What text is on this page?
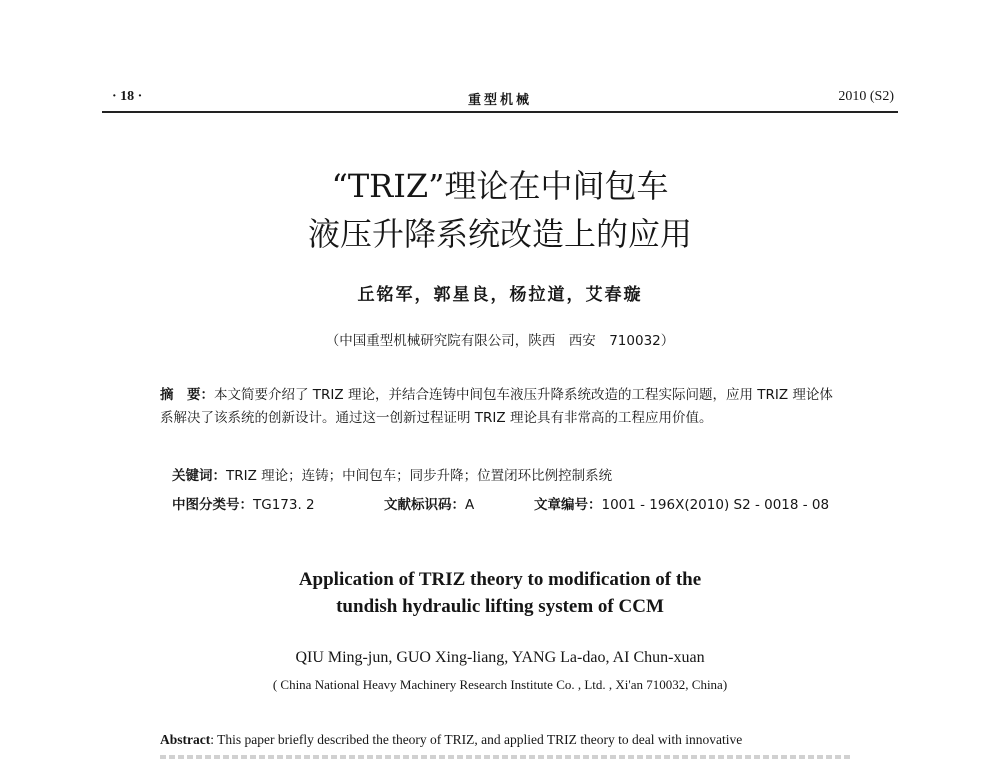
· 18 ·	重型机械	2010 (S2)
“TRIZ”理论在中间包车
液压升降系统改造上的应用
丘铭军，郭星良，杨拉道，艾春璇
（中国重型机械研究院有限公司，陕西　西安　710032）
摘　要：本文简要介绍了 TRIZ 理论，并结合连铸中间包车液压升降系统改造的工程实际问题，应用 TRIZ 理论体系解决了该系统的创新设计。通过这一创新过程证明 TRIZ 理论具有非常高的工程应用价值。
关键词：TRIZ 理论；连铸；中间包车；同步升降；位置闭环比例控制系统
中图分类号：TG173. 2	文献标识码：A	文章编号：1001 - 196X(2010) S2 - 0018 - 08
Application of TRIZ theory to modification of the
tundish hydraulic lifting system of CCM
QIU Ming-jun, GUO Xing-liang, YANG La-dao, AI Chun-xuan
( China National Heavy Machinery Research Institute Co. , Ltd. , Xi'an 710032, China)
Abstract: This paper briefly described the theory of TRIZ, and applied TRIZ theory to deal with innovative
